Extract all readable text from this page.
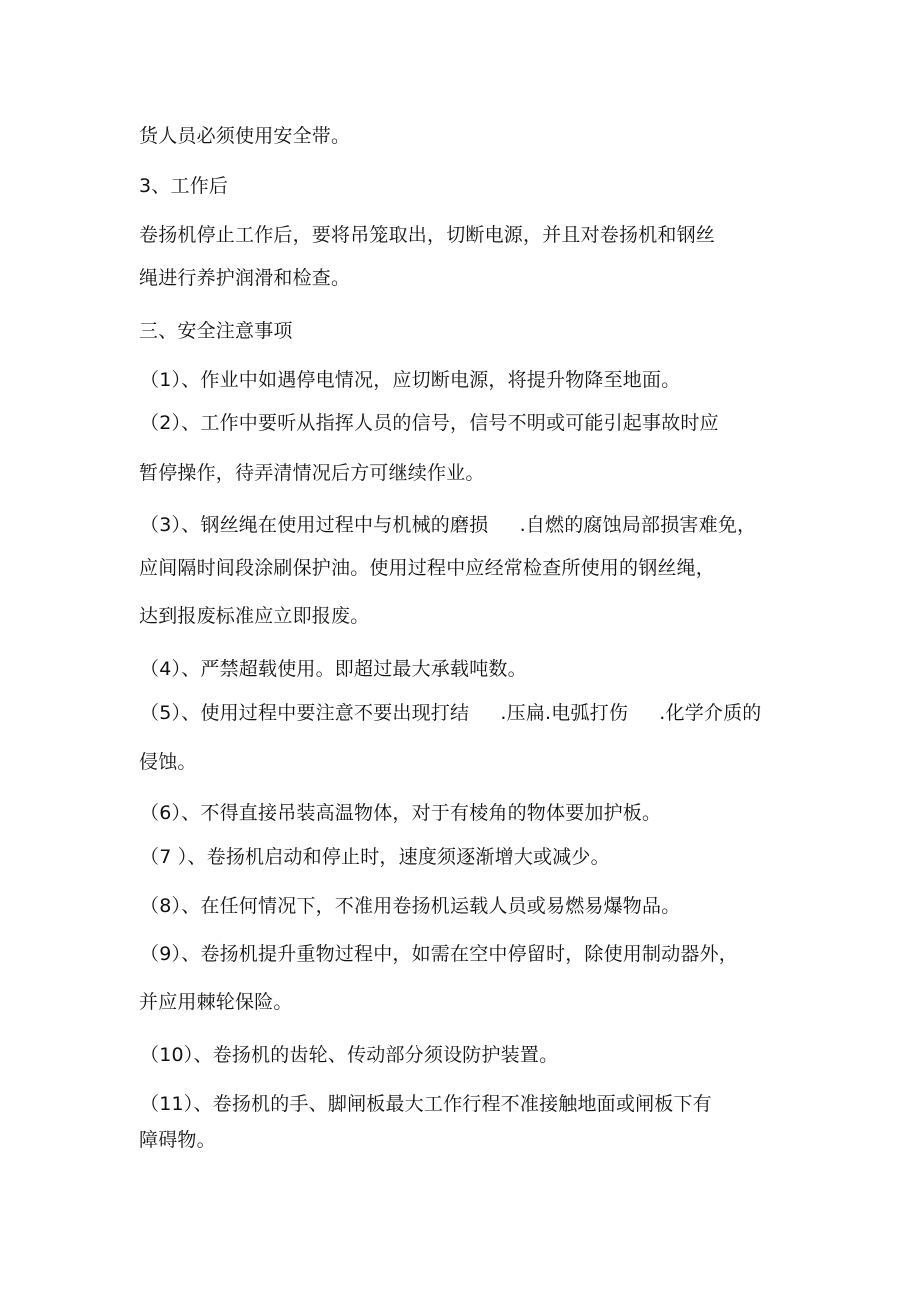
货人员必须使用安全带。
3、工作后
卷扬机停止工作后，要将吊笼取出，切断电源，并且对卷扬机和钢丝
绳进行养护润滑和检查。
三、安全注意事项
（1）、作业中如遇停电情况，应切断电源，将提升物降至地面。
（2）、工作中要听从指挥人员的信号，信号不明或可能引起事故时应
暂停操作，待弄清情况后方可继续作业。
（3）、钢丝绳在使用过程中与机械的磨损     .自燃的腐蚀局部损害难免，
应间隔时间段涂刷保护油。使用过程中应经常检查所使用的钢丝绳，
达到报废标准应立即报废。
（4）、严禁超载使用。即超过最大承载吨数。
（5）、使用过程中要注意不要出现打结     .压扁.电弧打伤     .化学介质的
侵蚀。
（6）、不得直接吊装高温物体，对于有棱角的物体要加护板。
（7 ）、卷扬机启动和停止时，速度须逐渐增大或减少。
（8）、在任何情况下，不准用卷扬机运载人员或易燃易爆物品。
（9）、卷扬机提升重物过程中，如需在空中停留时，除使用制动器外，
并应用棘轮保险。
（10）、卷扬机的齿轮、传动部分须设防护装置。
（11）、卷扬机的手、脚闸板最大工作行程不准接触地面或闸板下有
障碍物。
